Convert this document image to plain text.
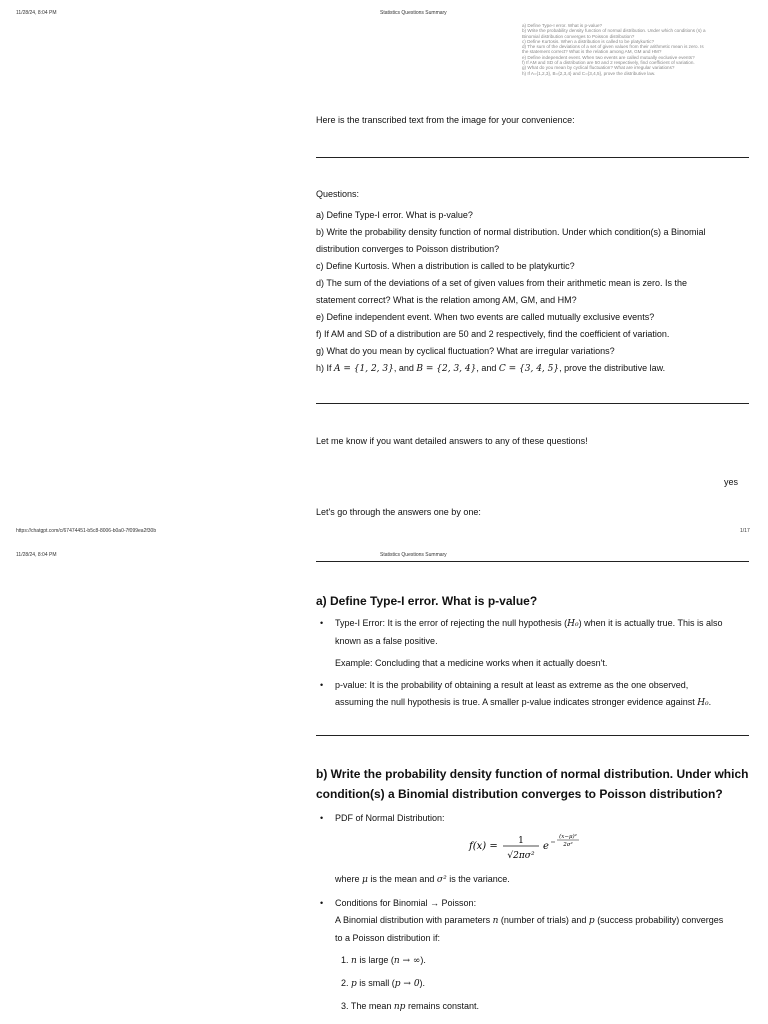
11/28/24, 8:04 PM	Statistics Questions Summary
a) Define Type-I error. What is p-value?
b) Write the probability density function of normal distribution. Under which conditions (s) a
Binomial distribution converges to Poisson distribution?
c) Define Kurtosis. When a distribution is called to be platykurtic?
d) The sum of the deviations of a set of given values from their arithmetic mean is zero. Is
the statement correct? What is the relation among AM, GM and HM?
e) Define independent event. When two events are called mutually exclusive events?
f) If AM and SD of a distribution are 50 and 2 respectively, find coefficient of variation.
g) What do you mean by cyclical fluctuation? What are irregular variations?
h) If A={1,2,3}, B={2,3,4} and C={3,4,5}, prove the distributive law.

Here is the transcribed text from the image for your convenience:

Questions:

a) Define Type-I error. What is p-value?

b) Write the probability density function of normal distribution. Under which condition(s) a Binomial

distribution converges to Poisson distribution?

c) Define Kurtosis. When a distribution is called to be platykurtic?

d) The sum of the deviations of a set of given values from their arithmetic mean is zero. Is the

statement correct? What is the relation among AM, GM, and HM?

e) Define independent event. When two events are called mutually exclusive events?

f) If AM and SD of a distribution are 50 and 2 respectively, find the coefficient of variation.

g) What do you mean by cyclical fluctuation? What are irregular variations?

h) If A = {1, 2, 3}, and B = {2, 3, 4}, and C = {3, 4, 5}, prove the distributive law.

Let me know if you want detailed answers to any of these questions!

yes

Let's go through the answers one by one:

https://chatgpt.com/c/67474451-b5c8-8006-b0a0-7f099ea2f30b	1/17
11/28/24, 8:04 PM	Statistics Questions Summary

a) Define Type-I error. What is p-value?

• Type-I Error: It is the error of rejecting the null hypothesis (H₀) when it is actually true. This is also
known as a false positive.
Example: Concluding that a medicine works when it actually doesn't.
• p-value: It is the probability of obtaining a result at least as extreme as the one observed,
assuming the null hypothesis is true. A smaller p-value indicates stronger evidence against H₀.

b) Write the probability density function of normal distribution. Under which condition(s) a Binomial distribution converges to Poisson distribution?

• PDF of Normal Distribution:
f(x) = 1
√2πσ²
e
(x−μ)²
2σ²
where μ is the mean and σ² is the variance.
• Conditions for Binomial → Poisson:
A Binomial distribution with parameters n (number of trials) and p (success probability) converges
to a Poisson distribution if:
1. n is large (n → ∞).
2. p is small (p → 0).
3. The mean np remains constant.
